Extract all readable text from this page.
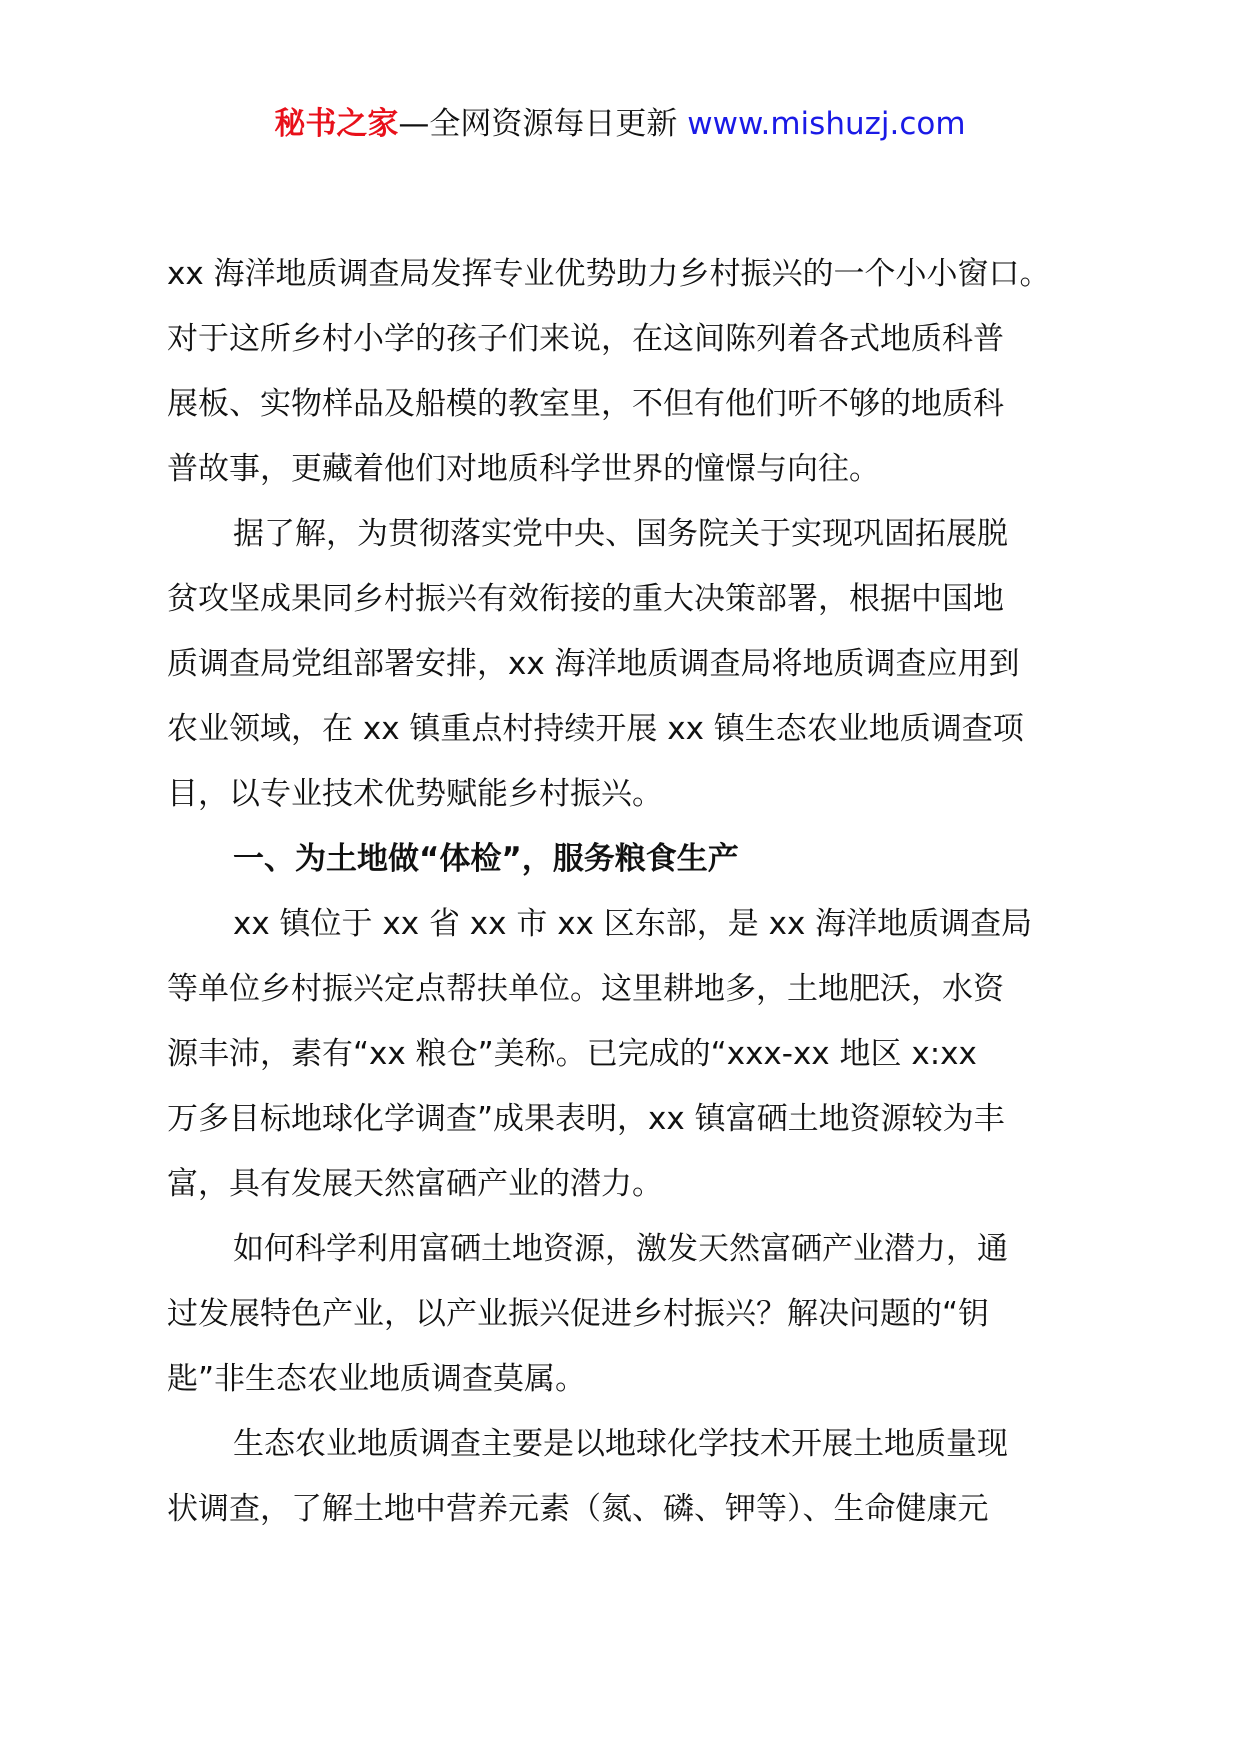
秘书之家—全网资源每日更新 www.mishuzj.com
xx 海洋地质调查局发挥专业优势助力乡村振兴的一个小小窗口。
对于这所乡村小学的孩子们来说，在这间陈列着各式地质科普
展板、实物样品及船模的教室里，不但有他们听不够的地质科
普故事，更藏着他们对地质科学世界的憧憬与向往。
据了解，为贯彻落实党中央、国务院关于实现巩固拓展脱
贫攻坚成果同乡村振兴有效衔接的重大决策部署，根据中国地
质调查局党组部署安排，xx 海洋地质调查局将地质调查应用到
农业领域，在 xx 镇重点村持续开展 xx 镇生态农业地质调查项
目，以专业技术优势赋能乡村振兴。
一、为土地做“体检”，服务粮食生产
xx 镇位于 xx 省 xx 市 xx 区东部，是 xx 海洋地质调查局
等单位乡村振兴定点帮扶单位。这里耕地多，土地肥沃，水资
源丰沛，素有“xx 粮仓”美称。已完成的“xxx-xx 地区 x:xx
万多目标地球化学调查”成果表明，xx 镇富硒土地资源较为丰
富，具有发展天然富硒产业的潜力。
如何科学利用富硒土地资源，激发天然富硒产业潜力，通
过发展特色产业，以产业振兴促进乡村振兴？解决问题的“钥
匙”非生态农业地质调查莫属。
生态农业地质调查主要是以地球化学技术开展土地质量现
状调查，了解土地中营养元素（氮、磷、钾等）、生命健康元
